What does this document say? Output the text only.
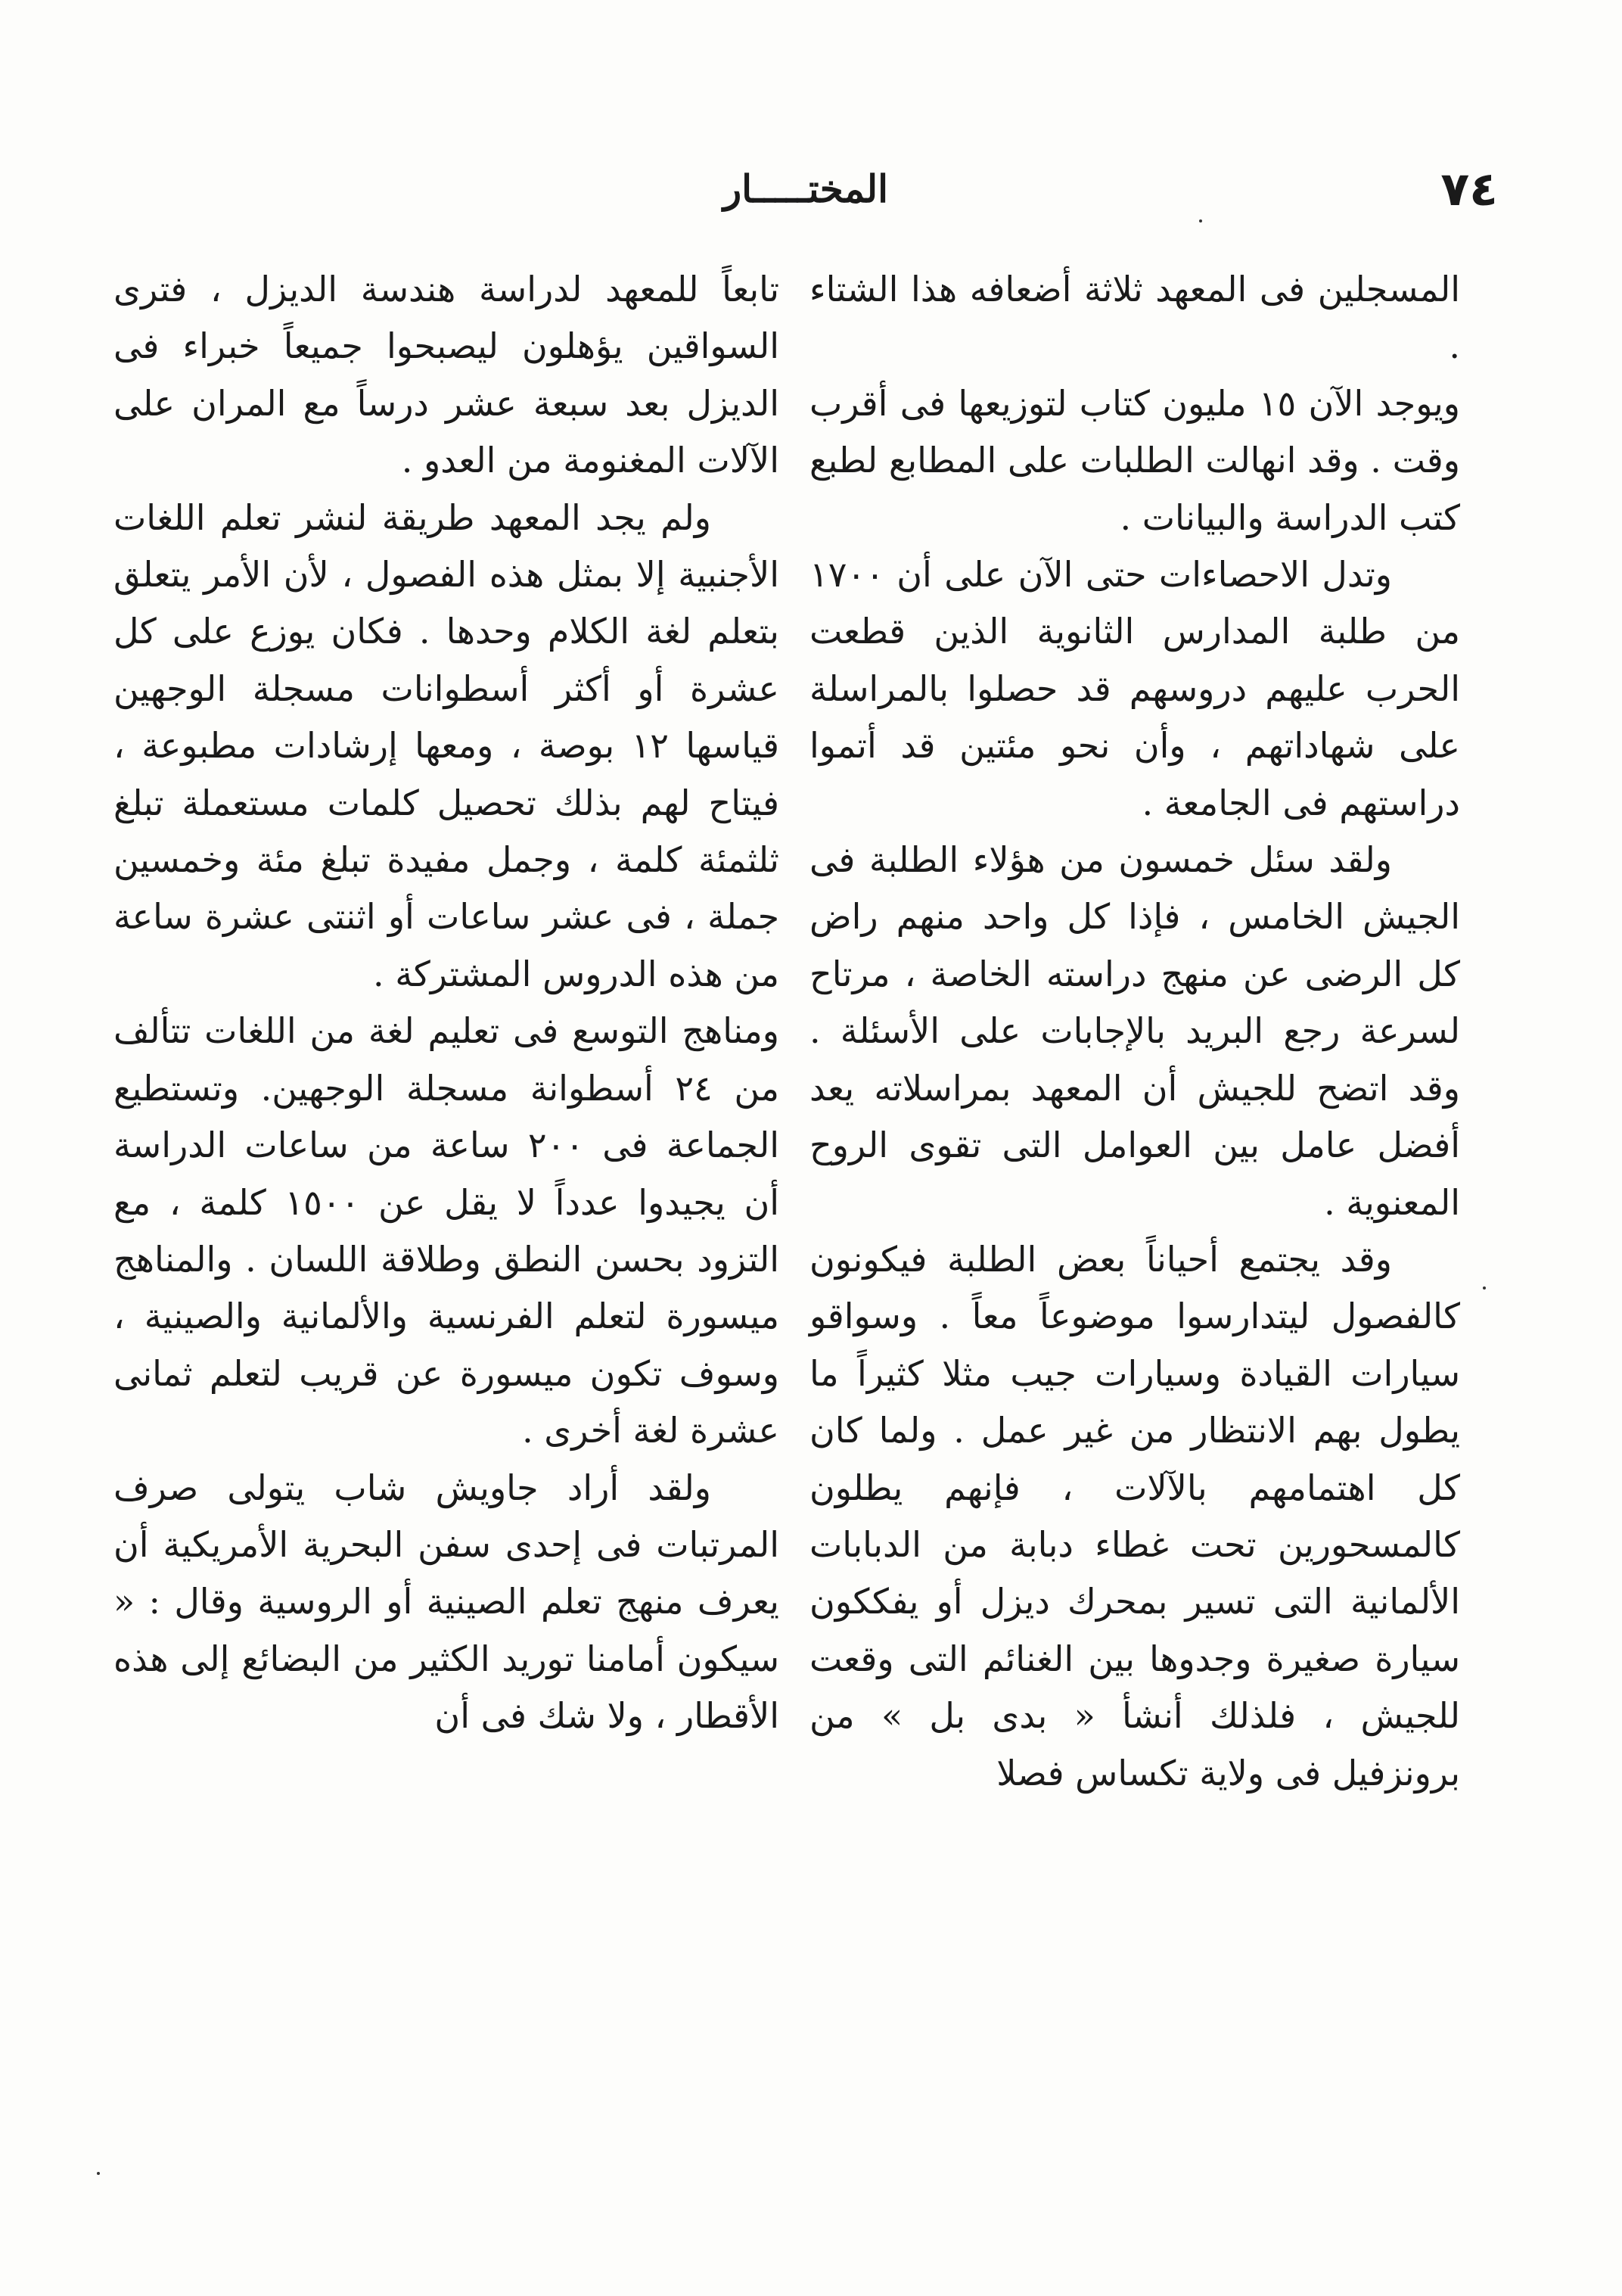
٧٤
المختـــــار

المسجلين فى المعهد ثلاثة أضعافه هذا الشتاء .

ويوجد الآن ١٥ مليون كتاب لتوزيعها فى أقرب وقت . وقد انهالت الطلبات على المطابع لطبع كتب الدراسة والبيانات .

وتدل الاحصاءات حتى الآن على أن ١٧٠٠ من طلبة المدارس الثانوية الذين قطعت الحرب عليهم دروسهم قد حصلوا بالمراسلة على شهاداتهم ، وأن نحو مئتين قد أتموا دراستهم فى الجامعة .

ولقد سئل خمسون من هؤلاء الطلبة فى الجيش الخامس ، فإذا كل واحد منهم راض كل الرضى عن منهج دراسته الخاصة ، مرتاح لسرعة رجع البريد بالإجابات على الأسئلة . وقد اتضح للجيش أن المعهد بمراسلاته يعد أفضل عامل بين العوامل التى تقوى الروح المعنوية .

وقد يجتمع أحياناً بعض الطلبة فيكونون كالفصول ليتدارسوا موضوعاً معاً . وسواقو سيارات القيادة وسيارات جيب مثلا كثيراً ما يطول بهم الانتظار من غير عمل . ولما كان كل اهتمامهم بالآلات ، فإنهم يطلون كالمسحورين تحت غطاء دبابة من الدبابات الألمانية التى تسير بمحرك ديزل أو يفككون سيارة صغيرة وجدوها بين الغنائم التى وقعت للجيش ، فلذلك أنشأ « بدى بل » من برونزفيل فى ولاية تكساس فصلا

تابعاً للمعهد لدراسة هندسة الديزل ، فترى السواقين يؤهلون ليصبحوا جميعاً خبراء فى الديزل بعد سبعة عشر درساً مع المران على الآلات المغنومة من العدو .

ولم يجد المعهد طريقة لنشر تعلم اللغات الأجنبية إلا بمثل هذه الفصول ، لأن الأمر يتعلق بتعلم لغة الكلام وحدها . فكان يوزع على كل عشرة أو أكثر أسطوانات مسجلة الوجهين قياسها ١٢ بوصة ، ومعها إرشادات مطبوعة ، فيتاح لهم بذلك تحصيل كلمات مستعملة تبلغ ثلثمئة كلمة ، وجمل مفيدة تبلغ مئة وخمسين جملة ، فى عشر ساعات أو اثنتى عشرة ساعة من هذه الدروس المشتركة .

ومناهج التوسع فى تعليم لغة من اللغات تتألف من ٢٤ أسطوانة مسجلة الوجهين. وتستطيع الجماعة فى ٢٠٠ ساعة من ساعات الدراسة أن يجيدوا عدداً لا يقل عن ١٥٠٠ كلمة ، مع التزود بحسن النطق وطلاقة اللسان . والمناهج ميسورة لتعلم الفرنسية والألمانية والصينية ، وسوف تكون ميسورة عن قريب لتعلم ثمانى عشرة لغة أخرى .

ولقد أراد جاويش شاب يتولى صرف المرتبات فى إحدى سفن البحرية الأمريكية أن يعرف منهج تعلم الصينية أو الروسية وقال : « سيكون أمامنا توريد الكثير من البضائع إلى هذه الأقطار ، ولا شك فى أن
